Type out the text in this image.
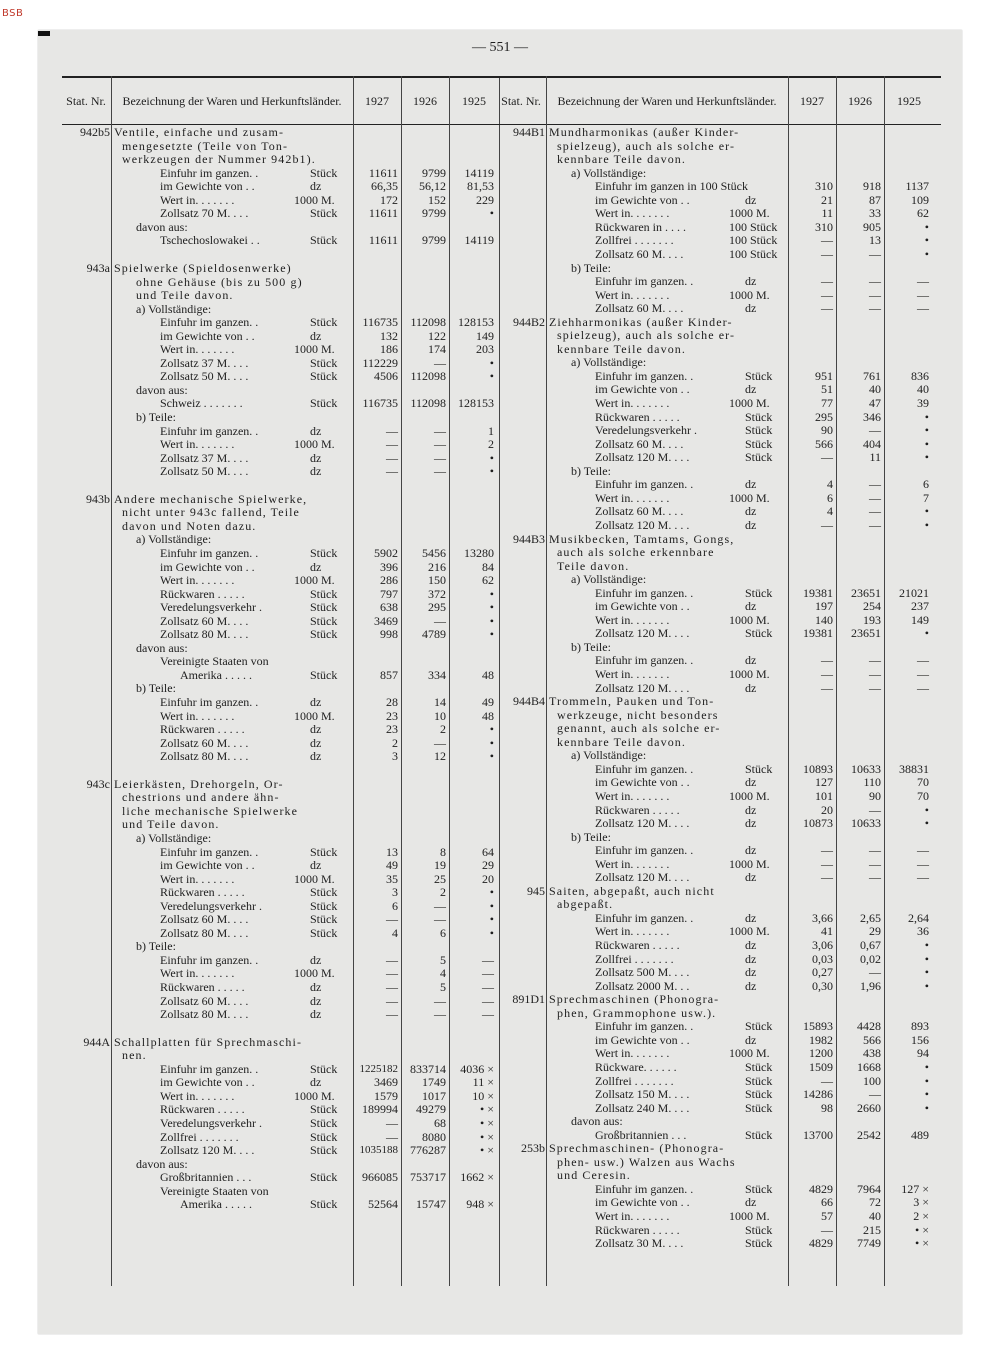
BSB
— 551 —
Stat. Nr.	Bezeichnung der Waren und Herkunftsländer.	1927	1926	1925
942b5 Ventile, einfache und zusam-
mengesetzte (Teile von Ton-
werkzeugen der Nummer 942b1).
Einfuhr im ganzen. .	Stück	11611	9799	14119
im Gewichte von . .	dz	66,35	56,12	81,53
Wert in. . . . . . .	1000 M.	172	152	229
Zollsatz 70 M. . . .	Stück	11611	9799	•
davon aus:
Tschechoslowakei . .	Stück	11611	9799	14119
943a Spielwerke (Spieldosenwerke)
ohne Gehäuse (bis zu 500 g)
und Teile davon.
a) Vollständige:
Einfuhr im ganzen. .	Stück	116735	112098	128153
im Gewichte von . .	dz	132	122	149
Wert in. . . . . . .	1000 M.	186	174	203
Zollsatz 37 M. . . .	Stück	112229	—	•
Zollsatz 50 M. . . .	Stück	4506	112098	•
davon aus:
Schweiz . . . . . . .	Stück	116735	112098	128153
b) Teile:
Einfuhr im ganzen. .	dz	—	—	1
Wert in. . . . . . .	1000 M.	—	—	2
Zollsatz 37 M. . . .	dz	—	—	•
Zollsatz 50 M. . . .	dz	—	—	•
943b Andere mechanische Spielwerke,
nicht unter 943c fallend, Teile
davon und Noten dazu.
a) Vollständige:
Einfuhr im ganzen. .	Stück	5902	5456	13280
im Gewichte von . .	dz	396	216	84
Wert in. . . . . . .	1000 M.	286	150	62
Rückwaren . . . . .	Stück	797	372	•
Veredelungsverkehr .	Stück	638	295	•
Zollsatz 60 M. . . .	Stück	3469	—	•
Zollsatz 80 M. . . .	Stück	998	4789	•
davon aus:
Vereinigte Staaten von
Amerika . . . . .	Stück	857	334	48
b) Teile:
Einfuhr im ganzen. .	dz	28	14	49
Wert in. . . . . . .	1000 M.	23	10	48
Rückwaren . . . . .	dz	23	2	•
Zollsatz 60 M. . . .	dz	2	—	•
Zollsatz 80 M. . . .	dz	3	12	•
943c Leierkästen, Drehorgeln, Or-
chestrions und andere ähn-
liche mechanische Spielwerke
und Teile davon.
a) Vollständige:
Einfuhr im ganzen. .	Stück	13	8	64
im Gewichte von . .	dz	49	19	29
Wert in. . . . . . .	1000 M.	35	25	20
Rückwaren . . . . .	Stück	3	2	•
Veredelungsverkehr .	Stück	6	—	•
Zollsatz 60 M. . . .	Stück	—	—	•
Zollsatz 80 M. . . .	Stück	4	6	•
b) Teile:
Einfuhr im ganzen. .	dz	—	5	—
Wert in. . . . . . .	1000 M.	—	4	—
Rückwaren . . . . .	dz	—	5	—
Zollsatz 60 M. . . .	dz	—	—	—
Zollsatz 80 M. . . .	dz	—	—	—
944A Schallplatten für Sprechmaschi-
nen.
Einfuhr im ganzen. .	Stück	1225182	833714	4036 ×
im Gewichte von . .	dz	3469	1749	11 ×
Wert in. . . . . . .	1000 M.	1579	1017	10 ×
Rückwaren . . . . .	Stück	189994	49279	• ×
Veredelungsverkehr .	Stück	—	68	• ×
Zollfrei . . . . . . .	Stück	—	8080	• ×
Zollsatz 120 M. . . .	Stück	1035188	776287	• ×
davon aus:
Großbritannien . . .	Stück	966085	753717	1662 ×
Vereinigte Staaten von
Amerika . . . . .	Stück	52564	15747	948 ×
Stat. Nr.	Bezeichnung der Waren und Herkunftsländer.	1927	1926	1925
944B1 Mundharmonikas (außer Kinder-
spielzeug), auch als solche er-
kennbare Teile davon.
a) Vollständige:
Einfuhr im ganzen in 100 Stück	310	918	1137
im Gewichte von . .	dz	21	87	109
Wert in. . . . . . .	1000 M.	11	33	62
Rückwaren in . . . .	100 Stück	310	905	•
Zollfrei . . . . . . .	100 Stück	—	13	•
Zollsatz 60 M. . . .	100 Stück	—	—	•
b) Teile:
Einfuhr im ganzen. .	dz	—	—	—
Wert in. . . . . . .	1000 M.	—	—	—
Zollsatz 60 M. . . .	dz	—	—	—
944B2 Ziehharmonikas (außer Kinder-
spielzeug), auch als solche er-
kennbare Teile davon.
a) Vollständige:
Einfuhr im ganzen. .	Stück	951	761	836
im Gewichte von . .	dz	51	40	40
Wert in. . . . . . .	1000 M.	77	47	39
Rückwaren . . . . .	Stück	295	346	•
Veredelungsverkehr .	Stück	90	—	•
Zollsatz 60 M. . . .	Stück	566	404	•
Zollsatz 120 M. . . .	Stück	—	11	•
b) Teile:
Einfuhr im ganzen. .	dz	4	—	6
Wert in. . . . . . .	1000 M.	6	—	7
Zollsatz 60 M. . . .	dz	4	—	•
Zollsatz 120 M. . . .	dz	—	—	•
944B3 Musikbecken, Tamtams, Gongs,
auch als solche erkennbare
Teile davon.
a) Vollständige:
Einfuhr im ganzen. .	Stück	19381	23651	21021
im Gewichte von . .	dz	197	254	237
Wert in. . . . . . .	1000 M.	140	193	149
Zollsatz 120 M. . . .	Stück	19381	23651	•
b) Teile:
Einfuhr im ganzen. .	dz	—	—	—
Wert in. . . . . . .	1000 M.	—	—	—
Zollsatz 120 M. . . .	dz	—	—	—
944B4 Trommeln, Pauken und Ton-
werkzeuge, nicht besonders
genannt, auch als solche er-
kennbare Teile davon.
a) Vollständige:
Einfuhr im ganzen. .	Stück	10893	10633	38831
im Gewichte von . .	dz	127	110	70
Wert in. . . . . . .	1000 M.	101	90	70
Rückwaren . . . . .	dz	20	—	•
Zollsatz 120 M. . . .	dz	10873	10633	•
b) Teile:
Einfuhr im ganzen. .	dz	—	—	—
Wert in. . . . . . .	1000 M.	—	—	—
Zollsatz 120 M. . . .	dz	—	—	—
945 Saiten, abgepaßt, auch nicht
abgepaßt.
Einfuhr im ganzen. .	dz	3,66	2,65	2,64
Wert in. . . . . . .	1000 M.	41	29	36
Rückwaren . . . . .	dz	3,06	0,67	•
Zollfrei . . . . . . .	dz	0,03	0,02	•
Zollsatz 500 M. . . .	dz	0,27	—	•
Zollsatz 2000 M. . .	dz	0,30	1,96	•
891D1 Sprechmaschinen (Phonogra-
phen, Grammophone usw.).
Einfuhr im ganzen. .	Stück	15893	4428	893
im Gewichte von . .	dz	1982	566	156
Wert in. . . . . . .	1000 M.	1200	438	94
Rückware. . . . . .	Stück	1509	1668	•
Zollfrei . . . . . . .	Stück	—	100	•
Zollsatz 150 M. . . .	Stück	14286	—	•
Zollsatz 240 M. . . .	Stück	98	2660	•
davon aus:
Großbritannien . . .	Stück	13700	2542	489
253b Sprechmaschinen- (Phonogra-
phen- usw.) Walzen aus Wachs
und Ceresin.
Einfuhr im ganzen. .	Stück	4829	7964	127 ×
im Gewichte von . .	dz	66	72	3 ×
Wert in. . . . . . .	1000 M.	57	40	2 ×
Rückwaren . . . . .	Stück	—	215	• ×
Zollsatz 30 M. . . .	Stück	4829	7749	• ×
